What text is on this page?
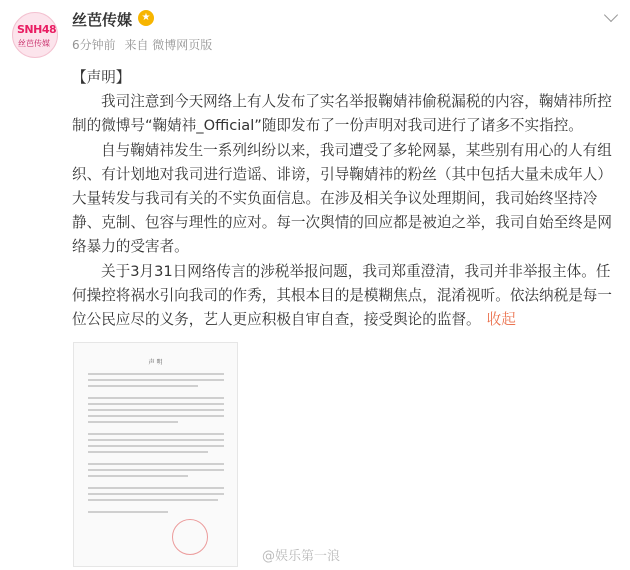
SNH48
丝芭传媒
丝芭传媒 ★
6分钟前 来自 微博网页版

【声明】

我司注意到今天网络上有人发布了实名举报鞠婧祎偷税漏税的内容，鞠婧祎所控制的微博号“鞠婧祎_Official”随即发布了一份声明对我司进行了诸多不实指控。

自与鞠婧祎发生一系列纠纷以来，我司遭受了多轮网暴，某些别有用心的人有组织、有计划地对我司进行造谣、诽谤，引导鞠婧祎的粉丝（其中包括大量未成年人）大量转发与我司有关的不实负面信息。在涉及相关争议处理期间，我司始终坚持冷静、克制、包容与理性的应对。每一次舆情的回应都是被迫之举，我司自始至终是网络暴力的受害者。

关于3月31日网络传言的涉税举报问题，我司郑重澄清，我司并非举报主体。任何操控将祸水引向我司的作秀，其根本目的是模糊焦点，混淆视听。依法纳税是每一位公民应尽的义务，艺人更应积极自审自查，接受舆论的监督。 收起

声 明
@娱乐第一浪
